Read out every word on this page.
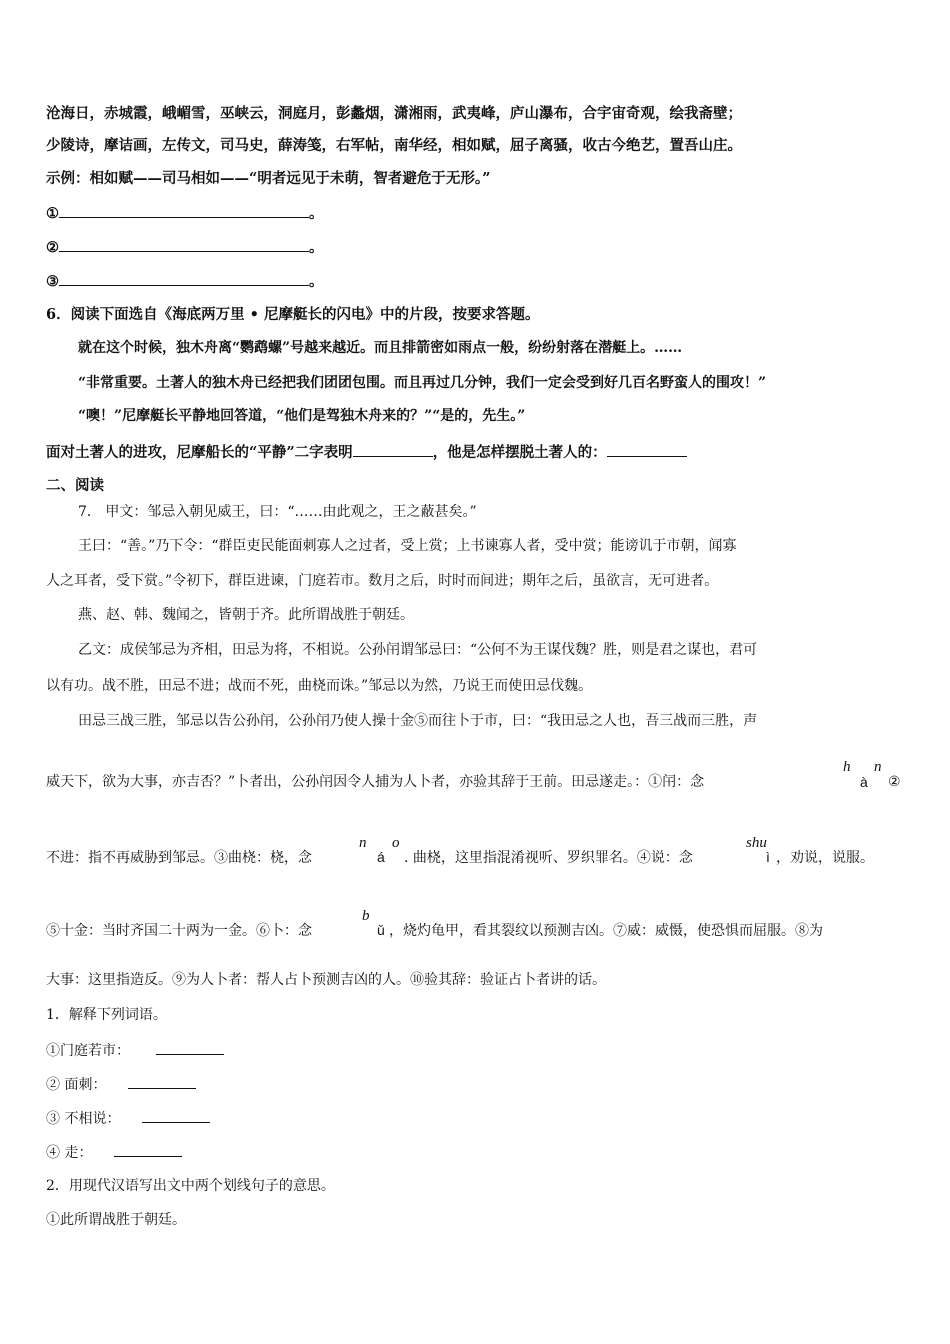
沧海日，赤城霞，峨嵋雪，巫峡云，洞庭月，彭蠡烟，潇湘雨，武夷峰，庐山瀑布，合宇宙奇观，绘我斋壁；
少陵诗，摩诘画，左传文，司马史，薛涛笺，右军帖，南华经，相如赋，屈子离骚，收古今绝艺，置吾山庄。
示例：相如赋——司马相如——“明者远见于未萌，智者避危于无形。”
①	。
②	。
③	。
6．阅读下面选自《海底两万里 • 尼摩艇长的闪电》中的片段，按要求答题。
就在这个时候，独木舟离“鹦鹉螺”号越来越近。而且排箭密如雨点一般，纷纷射落在潜艇上。……
“非常重要。土著人的独木舟已经把我们团团包围。而且再过几分钟，我们一定会受到好几百名野蛮人的围攻！”
“噢！”尼摩艇长平静地回答道，“他们是驾独木舟来的？”“是的，先生。”
面对土著人的进攻，尼摩船长的“平静”二字表明	，他是怎样摆脱土著人的：
二、阅读
7． 甲文：邹忌入朝见威王，曰：“……由此观之，王之蔽甚矣。”
王曰：“善。”乃下令：“群臣吏民能面刺寡人之过者，受上赏；上书谏寡人者，受中赏；能谤讥于市朝，闻寡
人之耳者，受下赏。”令初下，群臣进谏，门庭若市。数月之后，时时而间进；期年之后，虽欲言，无可进者。
燕、赵、韩、魏闻之，皆朝于齐。此所谓战胜于朝廷。
乙文：成侯邹忌为齐相，田忌为将，不相说。公孙闬谓邹忌曰：“公何不为王谋伐魏？胜，则是君之谋也，君可
以有功。战不胜，田忌不进；战而不死，曲桡而诛。”邹忌以为然，乃说王而使田忌伐魏。
田忌三战三胜，邹忌以告公孙闬，公孙闬乃使人操十金⑤而往卜于市，曰：“我田忌之人也，吾三战而三胜，声
威天下，欲为大事，亦吉否？”卜者出，公孙闬因令人捕为人卜者，亦验其辞于王前。田忌遂走。：①闬：念
h
à
n
②
不进：指不再威胁到邹忌。③曲桡：桡，念
n
á
o
. 曲桡，这里指混淆视听、罗织罪名。④说：念
shu
ì ，劝说，说服。
⑤十金：当时齐国二十两为一金。⑥卜：念
b
ǔ ，烧灼龟甲，看其裂纹以预测吉凶。⑦威：威慑，使恐惧而屈服。⑧为
大事：这里指造反。⑨为人卜者：帮人占卜预测吉凶的人。⑩验其辞：验证占卜者讲的话。
1．解释下列词语。
①门庭若市：
② 面刺：
③ 不相说：
④ 走：
2．用现代汉语写出文中两个划线句子的意思。
①此所谓战胜于朝廷。
